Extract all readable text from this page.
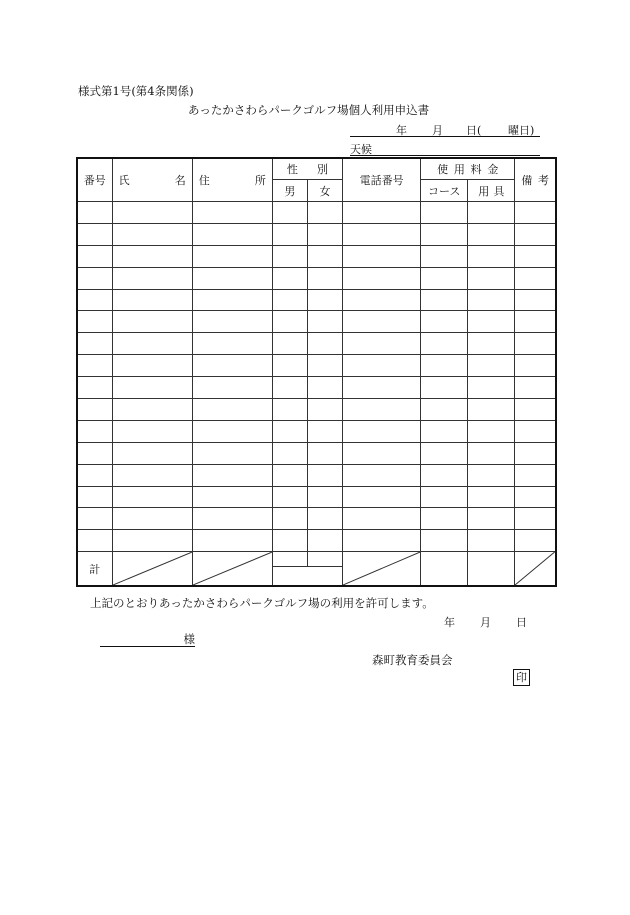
様式第1号(第4条関係)
あったかさわらパークゴルフ場個人利用申込書
年 月 日( 曜日)
天候
番号	氏 名	住 所	性 別		電話番号	使 用 料 金		備 考

			男	女		コース	用 具	

計	

上記のとおりあったかさわらパークゴルフ場の利用を許可します。
年 月 日
様
森町教育委員会
印
